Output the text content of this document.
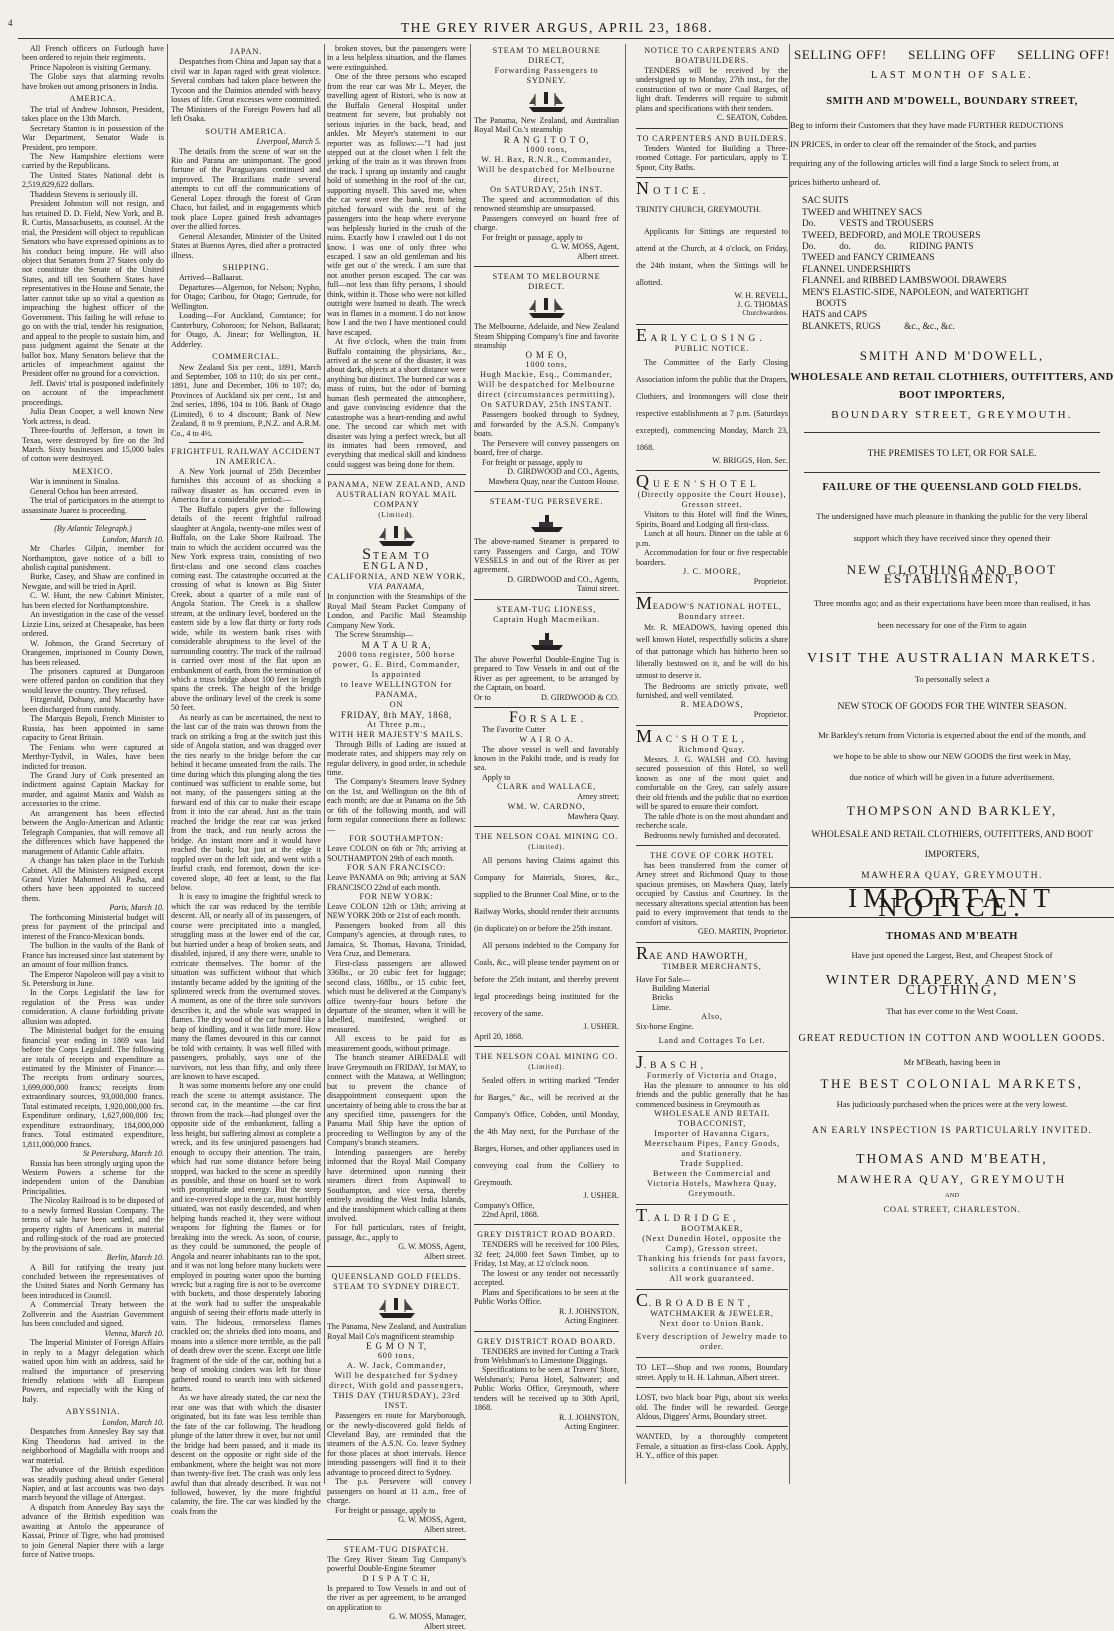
4	THE GREY RIVER ARGUS, APRIL 23, 1868.

All French officers on Furlough have been ordered to rejoin their regiments.

Prince Napoleon is visiting Germany.

The Globe says that alarming revolts have broken out among prisoners in India.

AMERICA.

The trial of Andrew Johnson, President, takes place on the 13th March.

Secretary Stanton is in possession of the War Department, Senator Wade is President, pro tempore.

The New Hampshire elections were carried by the Republicans.

The United States National debt is 2,519,829,622 dollars.

Thaddeus Stevens is seriously ill.

President Johnston will not resign, and has retained D. D. Field, New York, and B. R. Curtis, Massachusetts, as counsel. At the trial, the President will object to republican Senators who have expressed opinions as to his conduct being impure. He will also object that Senators from 27 States only do not constitute the Senate of the United States, and till ten Southern States have representatives in the House and Senate, the latter cannot take up so vital a question as impeaching the highest officer of the Government. This failing he will refuse to go on with the trial, tender his resignation, and appeal to the people to sustain him, and pass judgment against the Senate at the ballot box. Many Senators believe that the articles of impeachment against the President offer no ground for a conviction.

Jeff. Davis' trial is postponed indefinitely on account of the impeachment proceedings.

Julia Dean Cooper, a well known New York actress, is dead.

Three-fourths of Jefferson, a town in Texas, were destroyed by fire on the 3rd March. Sixty businesses and 15,000 bales of cotton were destroyed.

MEXICO.

War is imminent in Sinaloa.

General Ochoa has been arrested.

The trial of participators in the attempt to assassinate Juarez is proceeding.

(By Atlantic Telegraph.)
London, March 10.

Mr Charles Gilpin, member for Northampton, gave notice of a bill to abolish capital punishment.

Burke, Casey, and Shaw are confined in Newgate, and will be tried in April.

C. W. Hunt, the new Cabinet Minister, has been elected for Northamptonshire.

An investigation in the case of the vessel Lizzie Lins, seized at Chesapeake, has been ordered.

W. Johnson, the Grand Secretary of Orangemen, imprisoned in County Down, has been released.

The prisoners captured at Dungaroon were offered pardon on condition that they would leave the country. They refused.

Fitzgerald, Dohuny, and Macarthy have been discharged from custody.

The Marquis Bepoli, French Minister to Russia, has been appointed in same capacity to Great Britain.

The Fenians who were captured at Merthyr-Tydvil, in Wales, have been indicted for treason.

The Grand Jury of Cork presented an indictment against Captain Mackay for murder, and against Manix and Walsh as accessories to the crime.

An arrangement has been effected between the Anglo-American and Atlantic Telegraph Companies, that will remove all the differences which have happened the management of Atlantic Cable affairs.

A change has taken place in the Turkish Cabinet. All the Ministers resigned except Grand Vizier Mahomed Ali Pasha, and others have been appointed to succeed them.

Paris, March 10.

The forthcoming Ministerial budget will press for payment of the principal and interest of the Franco-Mexican bonds.

The bullion in the vaults of the Bank of France has increased since last statement by an amount of four million francs.

The Emperor Napoleon will pay a visit to St. Petersburg in June.

In the Corps Legislatif the law for regulation of the Press was under consideration. A clause forbidding private allusion was adopted.

The Ministerial budget for the ensuing financial year ending in 1869 was laid before the Corps Legislatif. The following are totals of receipts and expenditure as estimated by the Minister of Finance:— The receipts from ordinary sources, 1,699,000,000 francs; receipts from extraordinary sources, 93,000,000 francs. Total estimated receipts, 1,920,000,000 frs. Expenditure ordinary, 1,627,000,000 frs; expenditure extraordinary, 184,000,000 francs. Total estimated expenditure, 1,811,000,000 francs.

St Petersburg, March 10.

Russia has been strongly urging upon the Western Powers a scheme for the independent union of the Danubian Principalities.

The Nicolay Railroad is to be disposed of to a newly formed Russian Company. The terms of sale have been settled, and the property rights of Americans in material and rolling-stock of the road are protected by the provisions of sale.

Berlin, March 10.

A Bill for ratifying the treaty just concluded between the representatives of the United States and North Germany has been introduced in Council.

A Commercial Treaty between the Zollverein and the Austrian Government has been concluded and signed.

Vienna, March 10.

The Imperial Minister of Foreign Affairs in reply to a Magyr delegation which waited upon him with an address, said he realised the importance of preserving friendly relations with all European Powers, and especially with the King of Italy.

ABYSSINIA.
London, March 10.

Despatches from Annesley Bay say that King Theodorus had arrived in the neighborhood of Magdalla with troops and war material.

The advance of the British expedition was steadily pushing ahead under General Napier, and at last accounts was two days march beyond the village of Attergast.

A dispatch from Annesley Bay says the advance of the British expedition was awaiting at Antolo the appearance of Kassai, Prince of Tigre, who had promised to join General Napier there with a large force of Native troops.

JAPAN.

Despatches from China and Japan say that a civil war in Japan raged with great violence. Several combats had taken place between the Tycoon and the Daimios attended with heavy losses of life. Great excesses were committed. The Ministers of the Foreign Powers had all left Osaka.

SOUTH AMERICA.
Liverpool, March 5.

The details from the scene of war on the Rio and Parana are unimportant. The good fortune of the Paraguayans continued and improved. The Brazilians made several attempts to cut off the communications of General Lopez through the forest of Gran Chaco, but failed, and in engagements which took place Lopez gained fresh advantages over the allied forces.

General Alexander, Minister of the United States at Buenos Ayres, died after a protracted illness.

SHIPPING.

Arrived—Ballaarat.

Departures—Algernon, for Nelson; Nypho, for Otago; Caribou, for Otago; Gertrude, for Wellington.

Loading—For Auckland, Constance; for Canterbury, Cohoroon; for Nelson, Ballaarat; for Otago, A. Jinear; for Wellington, H. Adderley.

COMMERCIAL.

New Zealand Six per cent., 1891, March and September, 108 to 110; do six per cent., 1891, June and December, 106 to 107; do, Provinces of Auckland six per cent., 1st and 2nd series, 1896, 104 to 106. Bank of Otago (Limited), 6 to 4 discount; Bank of New Zealand, 8 to 9 premium, P.,N.Z. and A.R.M. Co., 4 to 4½.

FRIGHTFUL RAILWAY ACCIDENT IN AMERICA.

A New York journal of 25th December furnishes this account of as shocking a railway disaster as has occurred even in America for a considerable period:—

The Buffalo papers give the following details of the recent frightful railroad slaughter at Angola, twenty-one miles west of Buffalo, on the Lake Shore Railroad. The train to which the accident occurred was the New York express train, consisting of two first-class and one second class coaches coming east. The catastrophe occurred at the crossing of what is known as Big Sister Creek, about a quarter of a mile east of Angola Station. The Creek is a shallow stream, at the ordinary level, bordered on the eastern side by a low flat thirty or forty rods wide, while its western bank rises with considerable abruptness to the level of the surrounding country. The track of the railroad is carried over most of the flat upon an embankment of earth, from the termination of which a truss bridge about 100 feet in length spans the creek. The height of the bridge above the ordinary level of the creek is some 50 feet.

As nearly as can be ascertained, the next to the last car of the train was thrown from the track on striking a frog at the switch just this side of Angola station, and was dragged over the ties nearly to the bridge before the car behind it became unseated from the rails. The time during which this plunging along the ties continued was sufficient to enable some, but not many, of the passengers sitting at the forward end of this car to make their escape from it into the car ahead. Just as the train reached the bridge the rear car was jerked from the track, and run nearly across the bridge. An instant more and it would have reached the bank; but just at the edge it toppled over on the left side, and went with a fearful crash, end foremost, down the ice-covered slope, 40 feet at least, to the flat below.

It is easy to imagine the frightful wreck to which the car was reduced by the terrible descent. All, or nearly all of its passengers, of course were precipitated into a mangled, struggling mass at the lower end of the car, but hurried under a heap of broken seats, and disabled, injured, if any there were, unable to extricate themselves. The horror of the situation was sufficient without that which instantly became added by the igniting of the splintered wreck from the overturned stoves. A moment, as one of the three sole survivors describes it, and the whole was wrapped in flames. The dry wood of the car burned like a heap of kindling, and it was little more. How many the flames devoured in this car cannot be told with certainty. It was well filled with passengers, probably, says one of the survivors, not less than fifty, and only three are known to have escaped.

It was some moments before any one could reach the scene to attempt assistance. The second car, in the meantime —the car first thrown from the track—had plunged over the opposite side of the embankment, falling a less height, but suffering almost as complete a wreck, and its few uninjured passengers had enough to occupy their attention. The train, which had run some distance before being stopped, was backed to the scene as speedily as possible, and those on board set to work with promptitude and energy. But the steep and ice-covered slope to the car, most horribly situated, was not easily descended, and when helping hands reached it, they were without weapons for fighting the flames or for breaking into the wreck. As soon, of course, as they could be summoned, the people of Angola and nearer inhabitants ran to the spot, and it was not long before many buckets were employed in pouring water upon the burning wreck; but a raging fire is not to be overcome with buckets, and those desperately laboring at the work had to suffer the unspeakable anguish of seeing their efforts made utterly in vain. The hideous, remorseless flames crackled on; the shrieks died into moans, and moans into a silence more terrible, as the pall of death drew over the scene. Except one little fragment of the side of the car, nothing but a heap of smoking cinders was left for those gathered round to search into with sickened hearts.

As we have already stated, the car next the rear one was that with which the disaster originated, but its fate was less terrible than the fate of the car following. The headlong plunge of the latter threw it over, but not until the bridge had been passed, and it made its descent on the opposite or right side of the embankment, where the height was not more than twenty-five feet. The crash was only less awful than that already described. It was not followed, however, by the more frightful calamity, the fire. The car was kindled by the coals from the

broken stoves, but the passengers were in a less helpless situation, and the flames were extinguished.

One of the three persons who escaped from the rear car was Mr L. Meyer, the travelling agent of Ristori, who is now at the Buffalo General Hospital under treatment for severe, but probably not serious injuries in the back, head, and ankles. Mr Meyer's statement to our reporter was as follows:—"I had just stepped out at the closet when I felt the jerking of the train as it was thrown from the track. I sprang up instantly and caught hold of something in the roof of the car, supporting myself. This saved me, when the car went over the bank, from being pitched forward with the rest of the passengers into the heap where everyone was helplessly buried in the crush of the ruins. Exactly how I crawled out I do not know. I was one of only three who escaped. I saw an old gentleman and his wife get out o' the wreck. I am sure that not another person escaped. The car was full—not less than fifty persons, I should think, within it. Those who were not killed outright were burned to death. The wreck was in flames in a moment. I do not know how I and the two I have mentioned could have escaped.

At five o'clock, when the train from Buffalo containing the physicians, &c., arrived at the scene of the disaster, it was about dark, objects at a short distance were anything but distinct. The burned car was a mass of ruins, but the odor of burning human flesh permeated the atmosphere, and gave convincing evidence that the catastrophe was a heart-rending and awful one. The second car which met with disaster was lying a perfect wreck, but all its inmates had been removed, and everything that medical skill and kindness could suggest was being done for them.

PANAMA, NEW ZEALAND, AND AUSTRALIAN ROYAL MAIL COMPANY
(Limited).
STEAM TO ENGLAND,
CALIFORNIA, AND NEW YORK,
VIA PANAMA,

In conjunction with the Steamships of the Royal Mail Steam Packet Company of London, and Pacific Mail Steamship Company New York.

The Screw Steamship—

M A T A U R A,
2000 tons register, 500 horse power, G. E. Bird, Commander,
Is appointed
to leave WELLINGTON for PANAMA,
ON
FRIDAY, 8th MAY, 1868,
At Three p.m.,
WITH HER MAJESTY'S MAILS.

Through Bills of Lading are issued at moderate rates, and shippers may rely on regular delivery, in good order, in schedule time.

The Company's Steamers leave Sydney on the 1st, and Wellington on the 8th of each month; are due at Panama on the 5th or 6th of the following month, and will form regular connections there as follows:—

FOR SOUTHAMPTON:

Leave COLON on 6th or 7th; arriving at SOUTHAMPTON 29th of each month.

FOR SAN FRANCISCO:

Leave PANAMA on 9th; arriving at SAN FRANCISCO 22nd of each month.

FOR NEW YORK:

Leave COLON 12th or 13th; arriving at NEW YORK 20th or 21st of each month.

Passengers booked from all this Company's agencies, at through rates, to Jamaica, St. Thomas, Havana, Trinidad, Vera Cruz, and Demerara.

First-class passengers are allowed 336lbs., or 20 cubic feet for luggage; second class, 168lbs., or 15 cubic feet, which must be delivered at the Company's office twenty-four hours before the departure of the steamer, when it will be labelled, manifested, weighed or measured.

All excess to be paid for as measurement goods, without primage.

The branch steamer AIREDALE will leave Greymouth on FRIDAY, 1st MAY, to connect with the Matawa, at Wellington; but to prevent the chance of disappointment consequent upon the uncertainty of being able to cross the bar at any specified time, passengers for the Panama Mail Ship have the option of proceeding to Wellington by any of the Company's branch steamers.

Intending passengers are hereby informed that the Royal Mail Company have determined upon running their steamers direct from Aspinwall to Southampton, and vice versa, thereby entirely avoiding the West India Islands, and the transhipment which calling at them involved.

For full particulars, rates of freight, passage, &c., apply to

G. W. MOSS, Agent,
Albert street.
QUEENSLAND GOLD FIELDS.
STEAM TO SYDNEY DIRECT.

The Panama, New Zealand, and Australian Royal Mail Co's magnificent steamship

E G M O N T,
600 tons,
A. W. Jack, Commander,
Will be despatched for Sydney direct, With gold and passengers,
THIS DAY (THURSDAY), 23rd INST.

Passengers en route for Maryborough, or the newly-discovered gold fields of Cleveland Bay, are reminded that the steamers of the A.S.N. Co. leave Sydney for those places at short intervals. Hence intending passengers will find it to their advantage to proceed direct to Sydney.

The p.s. Persevere will convey passengers on board at 11 a.m., free of charge.

For freight or passage, apply to

G. W. MOSS, Agent,
Albert street.
STEAM-TUG DISPATCH.

The Grey River Steam Tug Company's powerful Double-Engine Steamer

D I S P A T C H,

Is prepared to Tow Vessels in and out of the river as per agreement, to be arranged on application to

G. W. MOSS, Manager,
Albert street.
STEAM TO MELBOURNE DIRECT,
Forwarding Passengers to SYDNEY.

The Panama, New Zealand, and Australian Royal Mail Co.'s steamship

R A N G I T O T O,
1000 tons,
W. H. Bax, R.N.R., Commander,
Will be despatched for Melbourne direct,
On SATURDAY, 25th INST.

The speed and accommodation of this renowned steamship are unsurpassed.

Passengers conveyed on board free of charge.

For freight or passage, apply to

G. W. MOSS, Agent,
Albert street.
STEAM TO MELBOURNE DIRECT.

The Melbourne, Adelaide, and New Zealand Steam Shipping Company's fine and favorite steamship

O M E O,
1000 tons,
Hugh Mackie, Esq., Commander,
Will be despatched for Melbourne direct (circumstances permitting),
On SATURDAY, 25th INSTANT.

Passengers booked through to Sydney, and forwarded by the A.S.N. Company's boats.

The Persevere will convey passengers on board, free of charge.

For freight or passage, apply to

D. GIRDWOOD and CO., Agents,
Mawhera Quay, near the Custom House.
STEAM-TUG PERSEVERE.

The above-named Steamer is prepared to carry Passengers and Cargo, and TOW VESSELS in and out of the River as per agreement.

D. GIRDWOOD and CO., Agents,
Tainui street.
STEAM-TUG LIONESS,
Captain Hugh Macmeikan.

The above Powerful Double-Engine Tug is prepared to Tow Vessels in and out of the River as per agreement, to be arranged by the Captain, on board.

Or to	D. GIRDWOOD & CO.
FO R S A L E .

The Favorite Cutter

W A I R O A.

The above vessel is well and favorably known in the Pakihi trade, and is ready for sea.

Apply to

CLARK and WALLACE,
Arney street;
WM. W. CARDNO,
Mawhera Quay.
THE NELSON COAL MINING CO.
(Limited).

All persons having Claims against this Company for Materials, Stores, &c., supplied to the Brunner Coal Mine, or to the Railway Works, should render their accounts (in duplicate) on or before the 25th instant.

All persons indebted to the Company for Coals, &c., will please tender payment on or before the 25th instant, and thereby prevent legal proceedings being instituted for the recovery of the same.

J. USHER.

April 20, 1868.

THE NELSON COAL MINING CO.
(Limited).

Sealed offers in writing marked "Tender for Barges," &c., will be received at the Company's Office, Cobden, until Monday, the 4th May next, for the Purchase of the Barges, Horses, and other appliances used in conveying coal from the Colliery to Greymouth.

J. USHER.

Company's Office,

22nd April, 1868.

GREY DISTRICT ROAD BOARD.

TENDERS will be received for 100 Piles, 32 feet; 24,000 feet Sawn Timber, up to Friday, 1st May, at 12 o'clock noon.

The lowest or any tender not necessarily accepted.

Plans and Specifications to be seen at the Public Works Office.

R. J. JOHNSTON,
Acting Engineer.
GREY DISTRICT ROAD BOARD.

TENDERS are invited for Cutting a Track from Welshman's to Limestone Diggings.

Specifications to be seen at Travers' Store, Welshman's; Paroa Hotel, Saltwater; and Public Works Office, Greymouth, where tenders will be received up to 30th April, 1868.

R. J. JOHNSTON,
Acting Engineer.
NOTICE TO CARPENTERS AND BOATBUILDERS.

TENDERS will be received by the undersigned up to Monday, 27th inst., for the construction of two or more Coal Barges, of light draft. Tenderers will require to submit plans and specifications with their tenders.

C. SEATON, Cobden.
TO CARPENTERS AND BUILDERS.

Tenders Wanted for Building a Three-roomed Cottage. For particulars, apply to T. Spoor, City Baths.

N O T I C E .

TRINITY CHURCH, GREYMOUTH.

Applicants for Sittings are requested to attend at the Church, at 4 o'clock, on Friday, the 24th instant, when the Sittings will be allotted.

W. H. REVELL,
J. G. THOMAS
Churchwardens.
E A R L Y C L O S I N G .
PUBLIC NOTICE.

The Committee of the Early Closing Association inform the public that the Drapers, Clothiers, and Ironmongers will close their respective establishments at 7 p.m. (Saturdays excepted), commencing Monday, March 23, 1868.

W. BRIGGS, Hon. Sec.
Q U E E N ' S H O T E L
(Directly opposite the Court House),
Gresson street.

Visitors to this Hotel will find the Wines, Spirits, Board and Lodging all first-class.

Lunch at all hours. Dinner on the table at 6 p.m.

Accommodation for four or five respectable boarders.

J. C. MOORE,
Proprietor.
MEADOW'S NATIONAL HOTEL,
Boundary street.

Mr. R. MEADOWS, having opened this well known Hotel, respectfully solicits a share of that patronage which has hitherto been so liberally bestowed on it, and he will do his utmost to deserve it.

The Bedrooms are strictly private, well furnished, and well ventilated.

R. MEADOWS,
Proprietor.
M A C ' S H O T E L ,
Richmond Quay.

Messrs. J. G. WALSH and CO. having secured possession of this Hotel, so well known as one of the most quiet and comfortable on the Grey, can safely assure their old friends and the public that no exertion will be spared to ensure their comfort.

The table d'hote is on the most abundant and recherche scale.

Bedrooms newly furnished and decorated.

THE COVE OF CORK HOTEL

has been transferred from the corner of Arney street and Richmond Quay to those spacious premises, on Mawhera Quay, lately occupied by Cassius and Courtney. In the necessary alterations special attention has been paid to every improvement that tends to the comfort of visitors.

GEO. MARTIN, Proprietor.
RAE AND HAWORTH,
TIMBER MERCHANTS,

Have For Sale—

Building Material

Bricks

Lime.

Also,

Six-horse Engine.

Land and Cottages To Let.
J. B A S C H ,
Formerly of Victoria and Otago,

Has the pleasure to announce to his old friends and the public generally that he has commenced business in Greymouth as

WHOLESALE AND RETAIL TOBACCONIST,
Importer of Havanna Cigars, Meerschaum Pipes, Fancy Goods, and Stationery.
Trade Supplied.
Between the Commercial and Victoria Hotels, Mawhera Quay, Greymouth.
T. A L D R I D G E ,
BOOTMAKER,
(Next Dunedin Hotel, opposite the Camp), Gresson street.
Thanking his friends for past favors, solicits a continuance of same.
All work guaranteed.
C. B R O A D B E N T ,
WATCHMAKER & JEWELER,
Next door to Union Bank.
Every description of Jewelry made to order.

TO LET—Shop and two rooms, Boundary street. Apply to H. H. Lahman, Albert street.

LOST, two black boar Pigs, about six weeks old. The finder will be rewarded. George Aldous, Diggers' Arms, Boundary street.

WANTED, by a thoroughly competent Female, a situation as first-class Cook. Apply, H. Y., office of this paper.

SELLING OFF! SELLING OFF SELLING OFF!
LAST MONTH OF SALE.
SMITH AND M'DOWELL, BOUNDARY STREET,
Beg to inform their Customers that they have made FURTHER REDUCTIONS
IN PRICES, in order to clear off the remainder of the Stock, and parties
requiring any of the following articles will find a large Stock to select from, at
prices hitherto unheard of.
SAC SUITS
TWEED and WHITNEY SACS
Do.          VESTS and TROUSERS
TWEED, BEDFORD, and MOLE TROUSERS
Do.          do.          do.          RIDING PANTS
TWEED and FANCY CRIMEANS
FLANNEL UNDERSHIRTS
FLANNEL and RIBBED LAMBSWOOL DRAWERS
MEN'S ELASTIC-SIDE, NAPOLEON, and WATERTIGHT
BOOTS
HATS and CAPS
BLANKETS, RUGS          &c., &c., &c.
SMITH AND M'DOWELL,
WHOLESALE AND RETAIL CLOTHIERS, OUTFITTERS, AND BOOT IMPORTERS,
BOUNDARY STREET, GREYMOUTH.
THE PREMISES TO LET, OR FOR SALE.
FAILURE OF THE QUEENSLAND GOLD FIELDS.
The undersigned have much pleasure in thanking the public for the very liberal
support which they have received since they opened their
NEW CLOTHING AND BOOT ESTABLISHMENT,
Three months ago; and as their expectations have been more than realised, it has
been necessary for one of the Firm to again
VISIT THE AUSTRALIAN MARKETS.
To personally select a
NEW STOCK OF GOODS FOR THE WINTER SEASON.
Mr Barkley's return from Victoria is expected about the end of the month, and
we hope to be able to show our NEW GOODS the first week in May,
due notice of which will be given in a future advertisement.
THOMPSON AND BARKLEY,
WHOLESALE AND RETAIL CLOTHIERS, OUTFITTERS, AND BOOT IMPORTERS,
MAWHERA QUAY, GREYMOUTH.
IMPORTANT NOTICE.
THOMAS AND M'BEATH
Have just opened the Largest, Best, and Cheapest Stock of
WINTER DRAPERY, AND MEN'S CLOTHING,
That has ever come to the West Coast.
GREAT REDUCTION IN COTTON AND WOOLLEN GOODS.
Mr M'Beath, having been in
THE BEST COLONIAL MARKETS,
Has judiciously purchased when the prices were at the very lowest.
AN EARLY INSPECTION IS PARTICULARLY INVITED.
THOMAS AND M'BEATH,
MAWHERA QUAY, GREYMOUTH
AND
COAL STREET, CHARLESTON.
